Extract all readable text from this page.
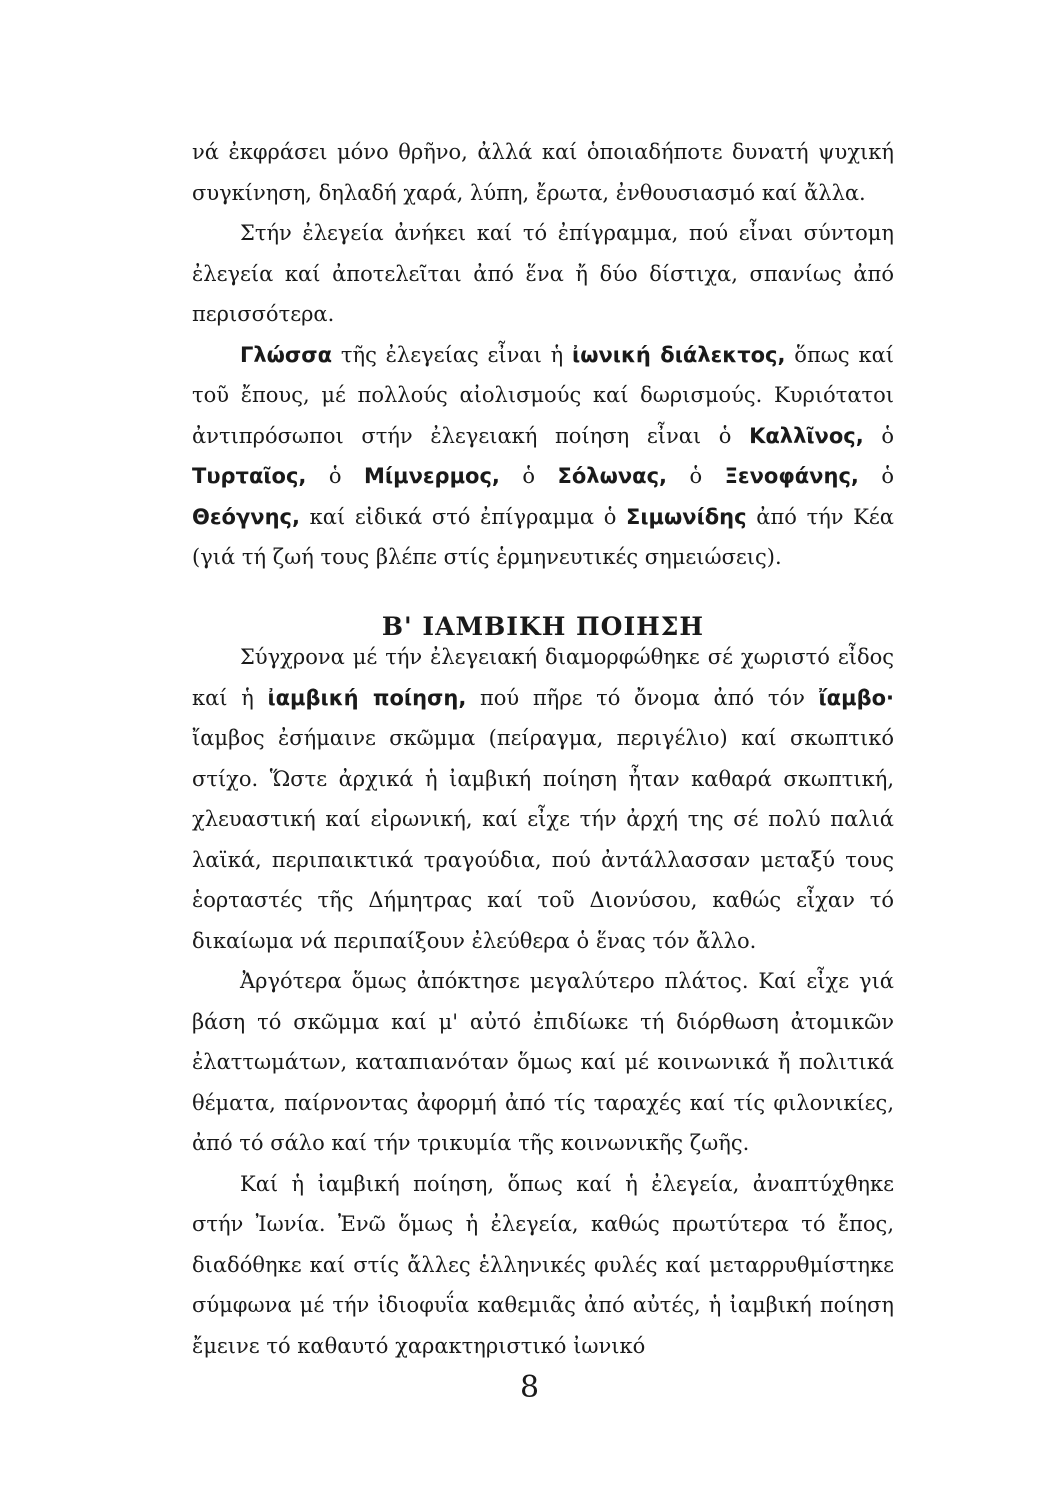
νά ἐκφράσει μόνο θρῆνο, ἀλλά καί ὁποιαδήποτε δυνατή ψυχική συγκίνηση, δηλαδή χαρά, λύπη, ἔρωτα, ἐνθουσιασμό καί ἄλλα.

Στήν ἐλεγεία ἀνήκει καί τό ἐπίγραμμα, πού εἶναι σύντομη ἐλεγεία καί ἀποτελεῖται ἀπό ἕνα ἤ δύο δίστιχα, σπανίως ἀπό περισσότερα.

Γλώσσα τῆς ἐλεγείας εἶναι ἡ ἰωνική διάλεκτος, ὅπως καί τοῦ ἔπους, μέ πολλούς αἰολισμούς καί δωρισμούς. Κυριότατοι ἀντιπρόσωποι στήν ἐλεγειακή ποίηση εἶναι ὁ Καλλῖνος, ὁ Τυρταῖος, ὁ Μίμνερμος, ὁ Σόλωνας, ὁ Ξενοφάνης, ὁ Θεόγνης, καί εἰδικά στό ἐπίγραμμα ὁ Σιμωνίδης ἀπό τήν Κέα (γιά τή ζωή τους βλέπε στίς ἑρμηνευτικές σημειώσεις).

Β' ΙΑΜΒΙΚΗ ΠΟΙΗΣΗ

Σύγχρονα μέ τήν ἐλεγειακή διαμορφώθηκε σέ χωριστό εἶδος καί ἡ ἰαμβική ποίηση, πού πῆρε τό ὄνομα ἀπό τόν ἴαμβο· ἴαμβος ἐσήμαινε σκῶμμα (πείραγμα, περιγέλιο) καί σκωπτικό στίχο. Ὥστε ἀρχικά ἡ ἰαμβική ποίηση ἦταν καθαρά σκωπτική, χλευαστική καί εἰρωνική, καί εἶχε τήν ἀρχή της σέ πολύ παλιά λαϊκά, περιπαικτικά τραγούδια, πού ἀντάλλασσαν μεταξύ τους ἑορταστές τῆς Δήμητρας καί τοῦ Διονύσου, καθώς εἶχαν τό δικαίωμα νά περιπαίξουν ἐλεύθερα ὁ ἕνας τόν ἄλλο.

Ἀργότερα ὅμως ἀπόκτησε μεγαλύτερο πλάτος. Καί εἶχε γιά βάση τό σκῶμμα καί μ' αὐτό ἐπιδίωκε τή διόρθωση ἀτομικῶν ἐλαττωμάτων, καταπιανόταν ὅμως καί μέ κοινωνικά ἤ πολιτικά θέματα, παίρνοντας ἀφορμή ἀπό τίς ταραχές καί τίς φιλονικίες, ἀπό τό σάλο καί τήν τρικυμία τῆς κοινωνικῆς ζωῆς.

Καί ἡ ἰαμβική ποίηση, ὅπως καί ἡ ἐλεγεία, ἀναπτύχθηκε στήν Ἰωνία. Ἐνῶ ὅμως ἡ ἐλεγεία, καθώς πρωτύτερα τό ἔπος, διαδόθηκε καί στίς ἄλλες ἑλληνικές φυλές καί μεταρρυθμίστηκε σύμφωνα μέ τήν ἰδιοφυΐα καθεμιᾶς ἀπό αὐτές, ἡ ἰαμβική ποίηση ἔμεινε τό καθαυτό χαρακτηριστικό ἰωνικό

8
